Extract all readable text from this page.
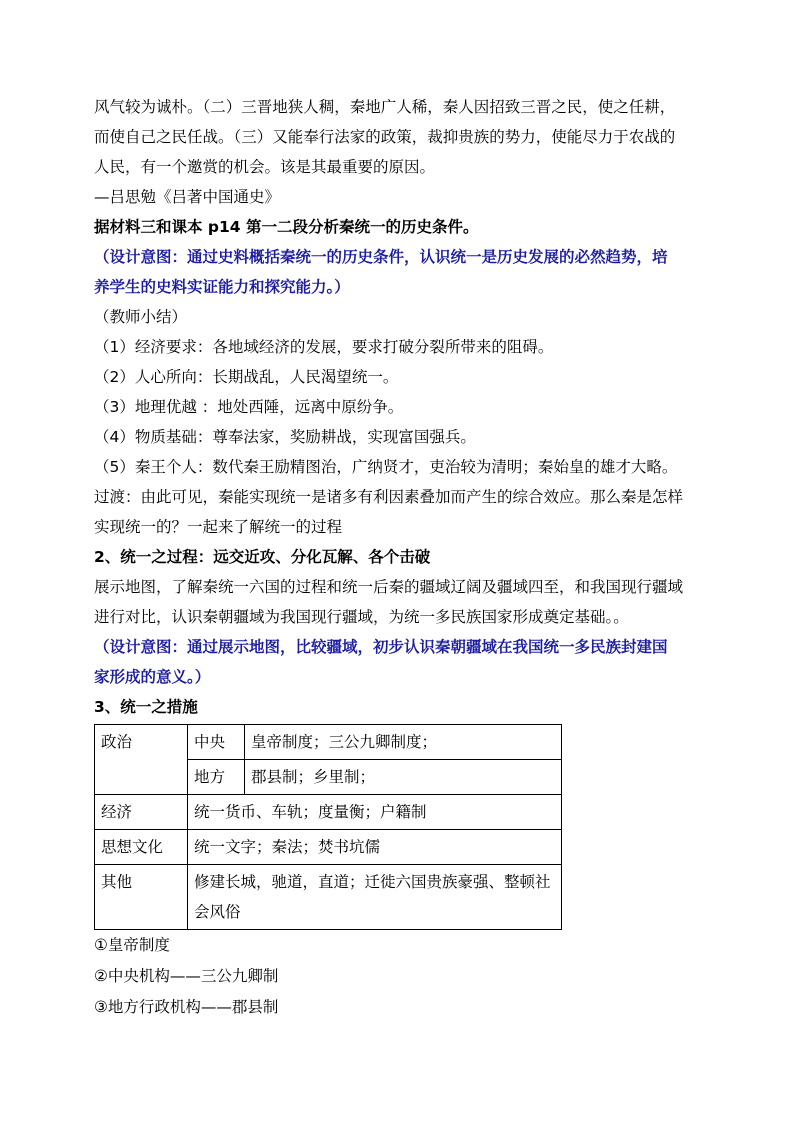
风气较为诚朴。（二）三晋地狭人稠，秦地广人稀，秦人因招致三晋之民，使之任耕，

而使自己之民任战。（三）又能奉行法家的政策，裁抑贵族的势力，使能尽力于农战的

人民，有一个邀赏的机会。该是其最重要的原因。

—吕思勉《吕著中国通史》

据材料三和课本 p14 第一二段分析秦统一的历史条件。

（设计意图：通过史料概括秦统一的历史条件，认识统一是历史发展的必然趋势，培

养学生的史料实证能力和探究能力。）

（教师小结）

（1）经济要求：各地域经济的发展，要求打破分裂所带来的阻碍。

（2）人心所向：长期战乱，人民渴望统一。

（3）地理优越 ：地处西陲，远离中原纷争。

（4）物质基础：尊奉法家，奖励耕战，实现富国强兵。

（5）秦王个人：数代秦王励精图治，广纳贤才，吏治较为清明；秦始皇的雄才大略。

过渡：由此可见，秦能实现统一是诸多有利因素叠加而产生的综合效应。那么秦是怎样

实现统一的？一起来了解统一的过程

2、统一之过程：远交近攻、分化瓦解、各个击破

展示地图，了解秦统一六国的过程和统一后秦的疆域辽阔及疆域四至，和我国现行疆域

进行对比，认识秦朝疆域为我国现行疆域，为统一多民族国家形成奠定基础。。

（设计意图：通过展示地图，比较疆域，初步认识秦朝疆域在我国统一多民族封建国

家形成的意义。）

3、统一之措施

政治	中央	皇帝制度；三公九卿制度；
	地方	郡县制；乡里制；
经济	统一货币、车轨；度量衡；户籍制	
思想文化	统一文字；秦法；焚书坑儒	
其他	修建长城，驰道，直道；迁徙六国贵族豪强、整顿社
会风俗	

①皇帝制度

②中央机构——三公九卿制

③地方行政机构——郡县制
